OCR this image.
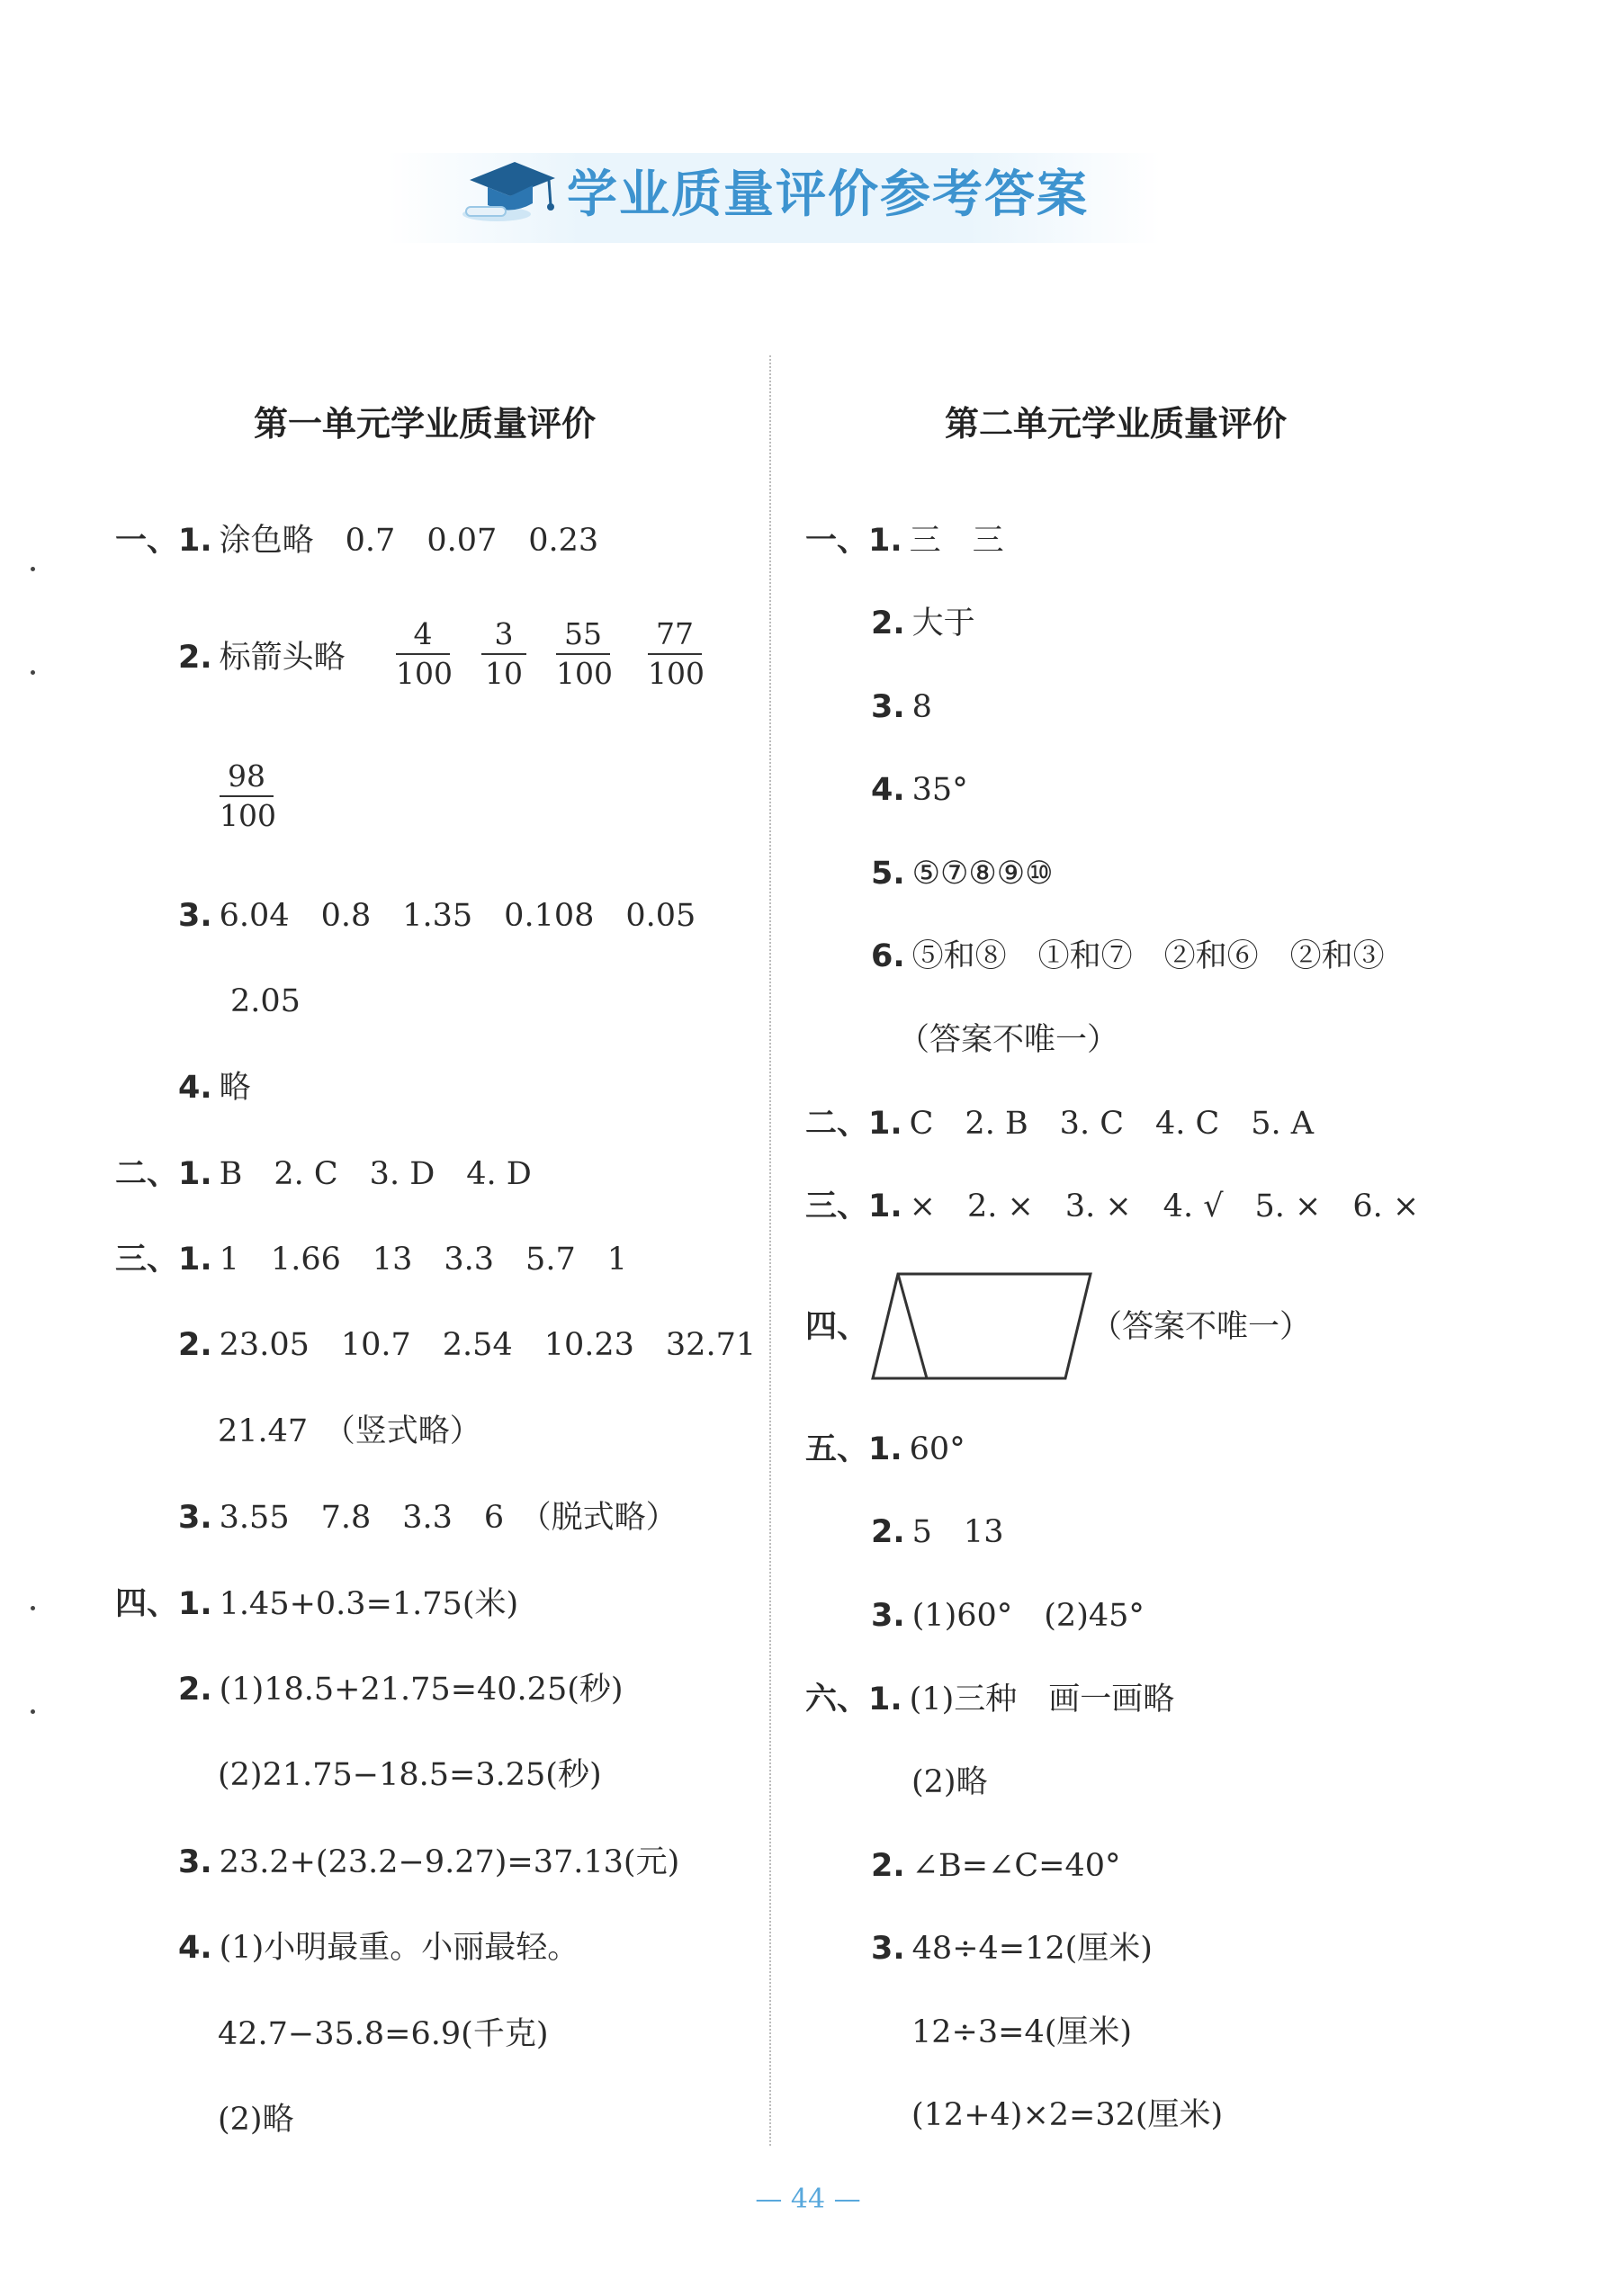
学业质量评价参考答案
第一单元学业质量评价
一、1. 涂色略　0.7　0.07　0.23
2. 标箭头略 $\frac{4}{100} \frac{3}{10} \frac{55}{100} \frac{77}{100}$
$\frac{98}{100}$
3. 6.04　0.8　1.35　0.108　0.05
2.05
4. 略
二、1. B　2. C　3. D　4. D
三、1. 1　1.66　13　3.3　5.7　1
2. 23.05　10.7　2.54　10.23　32.71
21.47　（竖式略）
3. 3.55　7.8　3.3　6　（脱式略）
四、1. 1.45+0.3=1.75(米)
2. (1)18.5+21.75=40.25(秒)
(2)21.75−18.5=3.25(秒)
3. 23.2+(23.2−9.27)=37.13(元)
4. (1)小明最重。小丽最轻。
42.7−35.8=6.9(千克)
(2)略
第二单元学业质量评价
一、1. 三　三
2. 大于
3. 8
4. 35°
5. ⑤⑦⑧⑨⑩
6. ⑤和⑧　①和⑦　②和⑥　②和③
（答案不唯一）
二、1. C　2. B　3. C　4. C　5. A
三、1. ×　2. ×　3. ×　4. √　5. ×　6. ×
四、	（答案不唯一）
五、1. 60°
2. 5　13
3. (1)60°　(2)45°
六、1. (1)三种　画一画略
(2)略
2. ∠B=∠C=40°
3. 48÷4=12(厘米)
12÷3=4(厘米)
(12+4)×2=32(厘米)
— 44 —
